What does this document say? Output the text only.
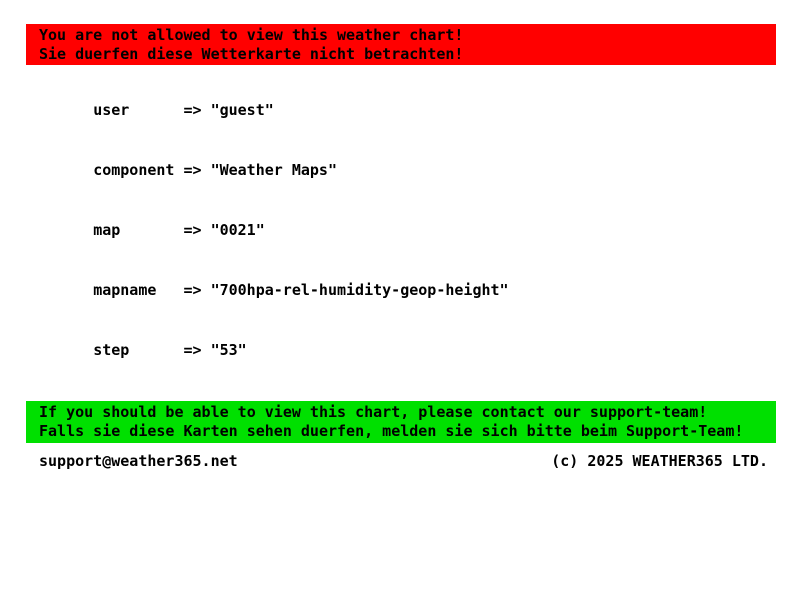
You are not allowed to view this weather chart!
Sie duerfen diese Wetterkarte nicht betrachten!

user	=> "guest"

component => "Weather Maps"

map	=> "0021"

mapname => "700hpa-rel-humidity-geop-height"

step	=> "53"

If you should be able to view this chart, please contact our support-team!
Falls sie diese Karten sehen duerfen, melden sie sich bitte beim Support-Team!
support@weather365.net	(c) 2025 WEATHER365 LTD.
